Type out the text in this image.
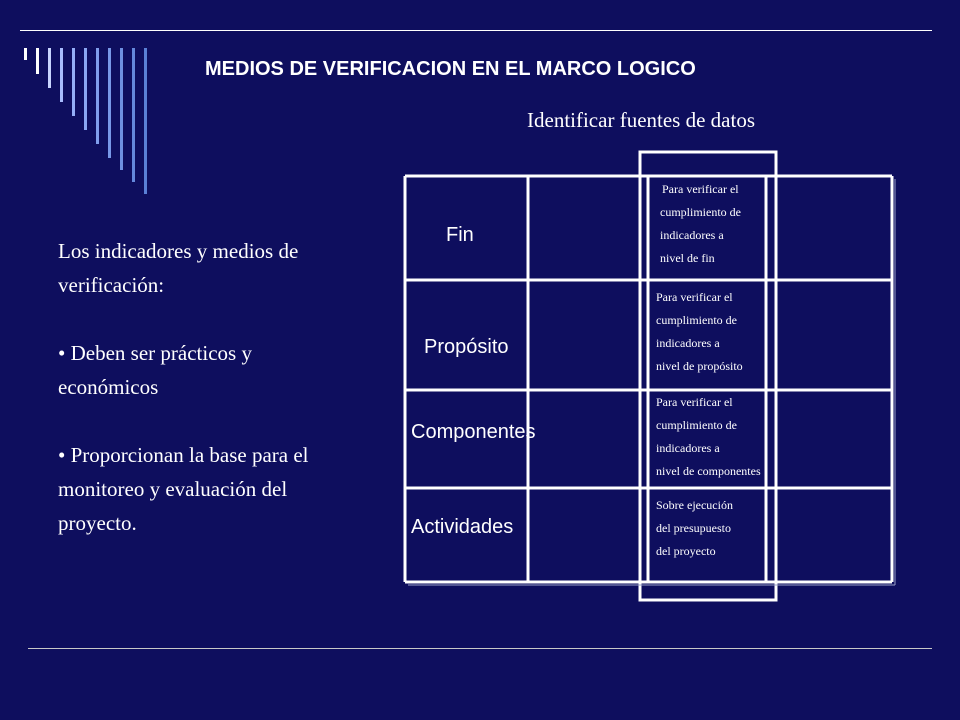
MEDIOS DE VERIFICACION EN EL MARCO LOGICO
Identificar fuentes de datos

Los indicadores y medios de

verificación:

• Deben ser prácticos y

económicos

• Proporcionan la base para el

monitoreo y evaluación del

proyecto.

Fin
Propósito
Componentes
Actividades
Para verificar el
cumplimiento de
indicadores a
nivel de fin
Para verificar el
cumplimiento de
indicadores a
nivel de propósito
Para verificar el
cumplimiento de
indicadores a
nivel de componentes
Sobre ejecución
del presupuesto
del proyecto
